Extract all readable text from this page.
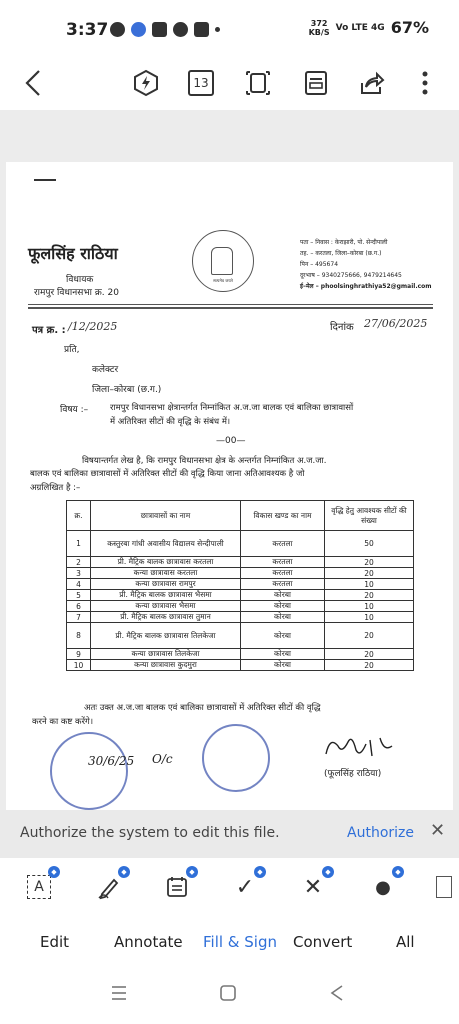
3:37	372
KB/S Vo LTE 4G 67%
13
फूलसिंह राठिया
विधायक
रामपुर विधानसभा क्र. 20
सत्यमेव जयते
पता – निवास : केराझारी, पो. सेन्दीपाली
तह. – करतला, जिला–कोरबा (छ.ग.)
पिन – 495674
दूरभाष – 9340275666, 9479214645
ई–मेल – phoolsinghrathiya52@gmail.com
पत्र क्र. : /12/2025	दिनांक 27/06/2025
प्रति,
कलेक्टर
जिला–कोरबा (छ.ग.)
विषय :–	रामपुर विधानसभा क्षेत्रान्तर्गत निम्नांकित अ.ज.जा बालक एवं बालिका छात्रावासों
में अतिरिक्त सीटों की वृद्धि के संबंध में।
—00—
विषयान्तर्गत लेख है, कि रामपुर विधानसभा क्षेत्र के अन्तर्गत निम्नांकित अ.ज.जा.
बालक एवं बालिका छात्रावासों में अतिरिक्त सीटों की वृद्धि किया जाना अतिआवश्यक है जो
अग्रलिखित है :–
क्र.	छात्रावासों का नाम	विकास खण्ड का नाम	वृद्धि हेतु आवश्यक सीटों की संख्या
1	कस्तुरबा गांधी अवासीय विद्यालय सेन्दीपाली	करतला	50
2	प्री. मैट्रिक बालक छात्रावास करतला	करतला	20
3	कन्या छात्रावास करतला	करतला	20
4	कन्या छात्रावास रामपुर	करतला	10
5	प्री. मैट्रिक बालक छात्रावास भैसमा	कोरबा	20
6	कन्या छात्रावास भैसमा	कोरबा	10
7	प्री. मैट्रिक बालक छात्रावास तुमान	कोरबा	10
8	प्री. मैट्रिक बालक छात्रावास तिलकेजा	कोरबा	20
9	कन्या छात्रावास तिलकेजा	कोरबा	20
10	कन्या छात्रावास कुदमुरा	कोरबा	20
अतः उक्त अ.ज.जा बालक एवं बालिका छात्रावासों में अतिरिक्त सीटों की वृद्धि
करने का कष्ट करेंगे।
30/6/25 O/c
(फूलसिंह राठिया)
Authorize the system to edit this file.	Authorize ✕
A
◆	◆	◆
✓
◆
✕
◆
●
◆
Edit	Annotate Fill & Sign Convert	All
